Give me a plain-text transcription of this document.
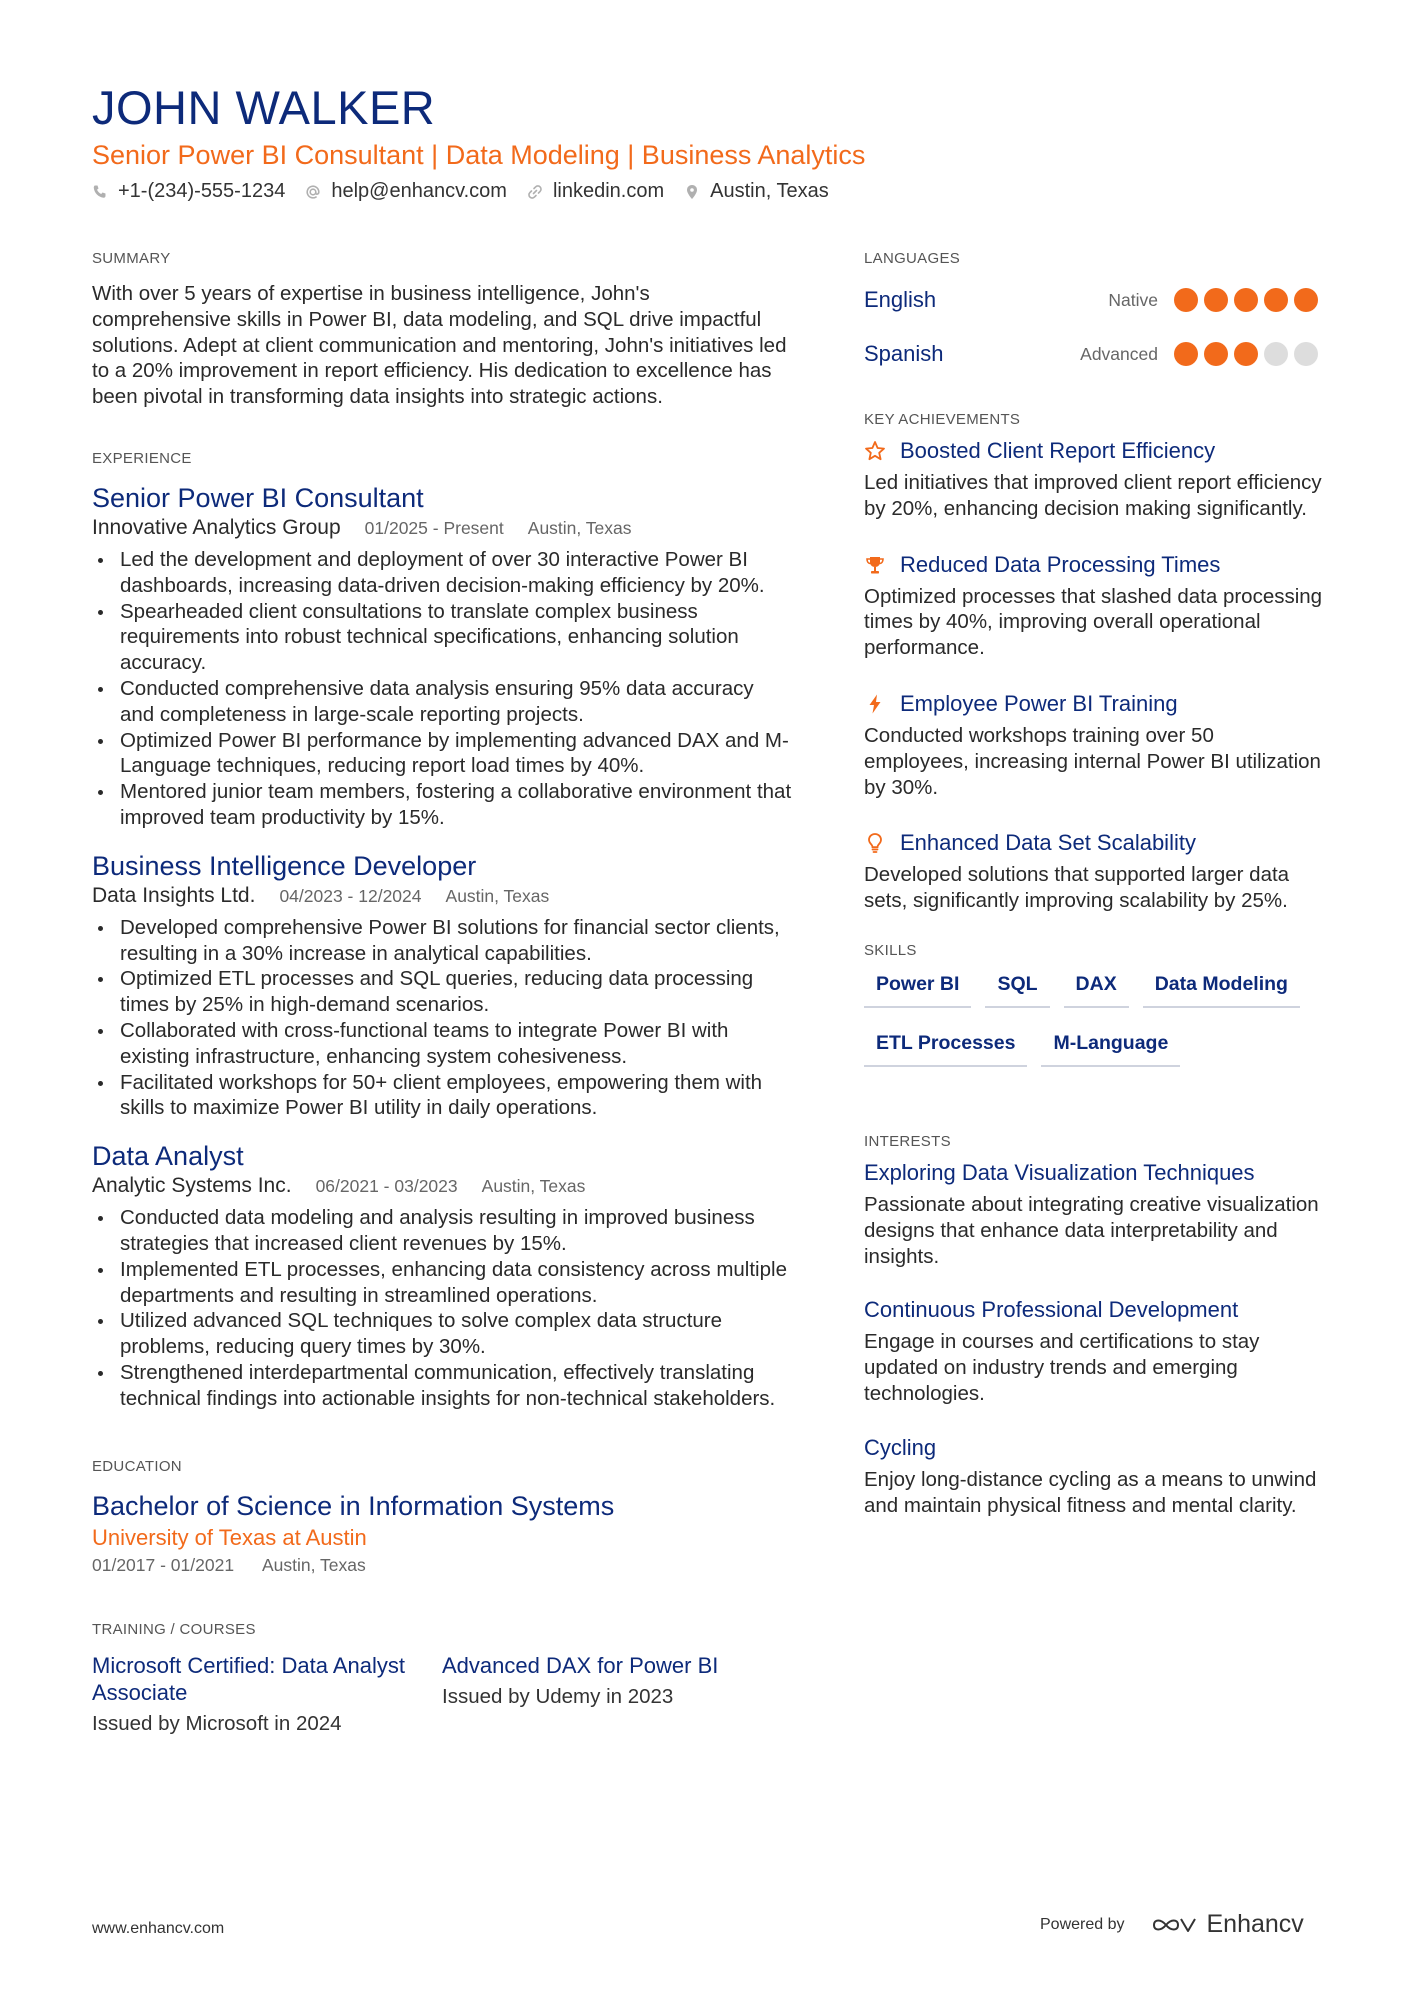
JOHN WALKER
Senior Power BI Consultant | Data Modeling | Business Analytics
+1-(234)-555-1234 help@enhancv.com linkedin.com Austin, Texas
SUMMARY
With over 5 years of expertise in business intelligence, John's comprehensive skills in Power BI, data modeling, and SQL drive impactful solutions. Adept at client communication and mentoring, John's initiatives led to a 20% improvement in report efficiency. His dedication to excellence has been pivotal in transforming data insights into strategic actions.
EXPERIENCE
Senior Power BI Consultant
Innovative Analytics Group 01/2025 - Present Austin, Texas
Led the development and deployment of over 30 interactive Power BI dashboards, increasing data-driven decision-making efficiency by 20%.
Spearheaded client consultations to translate complex business requirements into robust technical specifications, enhancing solution accuracy.
Conducted comprehensive data analysis ensuring 95% data accuracy and completeness in large-scale reporting projects.
Optimized Power BI performance by implementing advanced DAX and M-Language techniques, reducing report load times by 40%.
Mentored junior team members, fostering a collaborative environment that improved team productivity by 15%.
Business Intelligence Developer
Data Insights Ltd. 04/2023 - 12/2024 Austin, Texas
Developed comprehensive Power BI solutions for financial sector clients, resulting in a 30% increase in analytical capabilities.
Optimized ETL processes and SQL queries, reducing data processing times by 25% in high-demand scenarios.
Collaborated with cross-functional teams to integrate Power BI with existing infrastructure, enhancing system cohesiveness.
Facilitated workshops for 50+ client employees, empowering them with skills to maximize Power BI utility in daily operations.
Data Analyst
Analytic Systems Inc. 06/2021 - 03/2023 Austin, Texas
Conducted data modeling and analysis resulting in improved business strategies that increased client revenues by 15%.
Implemented ETL processes, enhancing data consistency across multiple departments and resulting in streamlined operations.
Utilized advanced SQL techniques to solve complex data structure problems, reducing query times by 30%.
Strengthened interdepartmental communication, effectively translating technical findings into actionable insights for non-technical stakeholders.
EDUCATION
Bachelor of Science in Information Systems
University of Texas at Austin
01/2017 - 01/2021 Austin, Texas
TRAINING / COURSES
Microsoft Certified: Data Analyst Associate
Issued by Microsoft in 2024
Advanced DAX for Power BI
Issued by Udemy in 2023
LANGUAGES
English	Native
Spanish	Advanced
KEY ACHIEVEMENTS
Boosted Client Report Efficiency
Led initiatives that improved client report efficiency by 20%, enhancing decision making significantly.
Reduced Data Processing Times
Optimized processes that slashed data processing times by 40%, improving overall operational performance.
Employee Power BI Training
Conducted workshops training over 50 employees, increasing internal Power BI utilization by 30%.
Enhanced Data Set Scalability
Developed solutions that supported larger data sets, significantly improving scalability by 25%.
SKILLS
Power BI	SQL	DAX	Data Modeling
ETL Processes	M-Language
INTERESTS
Exploring Data Visualization Techniques
Passionate about integrating creative visualization designs that enhance data interpretability and insights.
Continuous Professional Development
Engage in courses and certifications to stay updated on industry trends and emerging technologies.
Cycling
Enjoy long-distance cycling as a means to unwind and maintain physical fitness and mental clarity.
www.enhancv.com	Powered by	Enhancv
